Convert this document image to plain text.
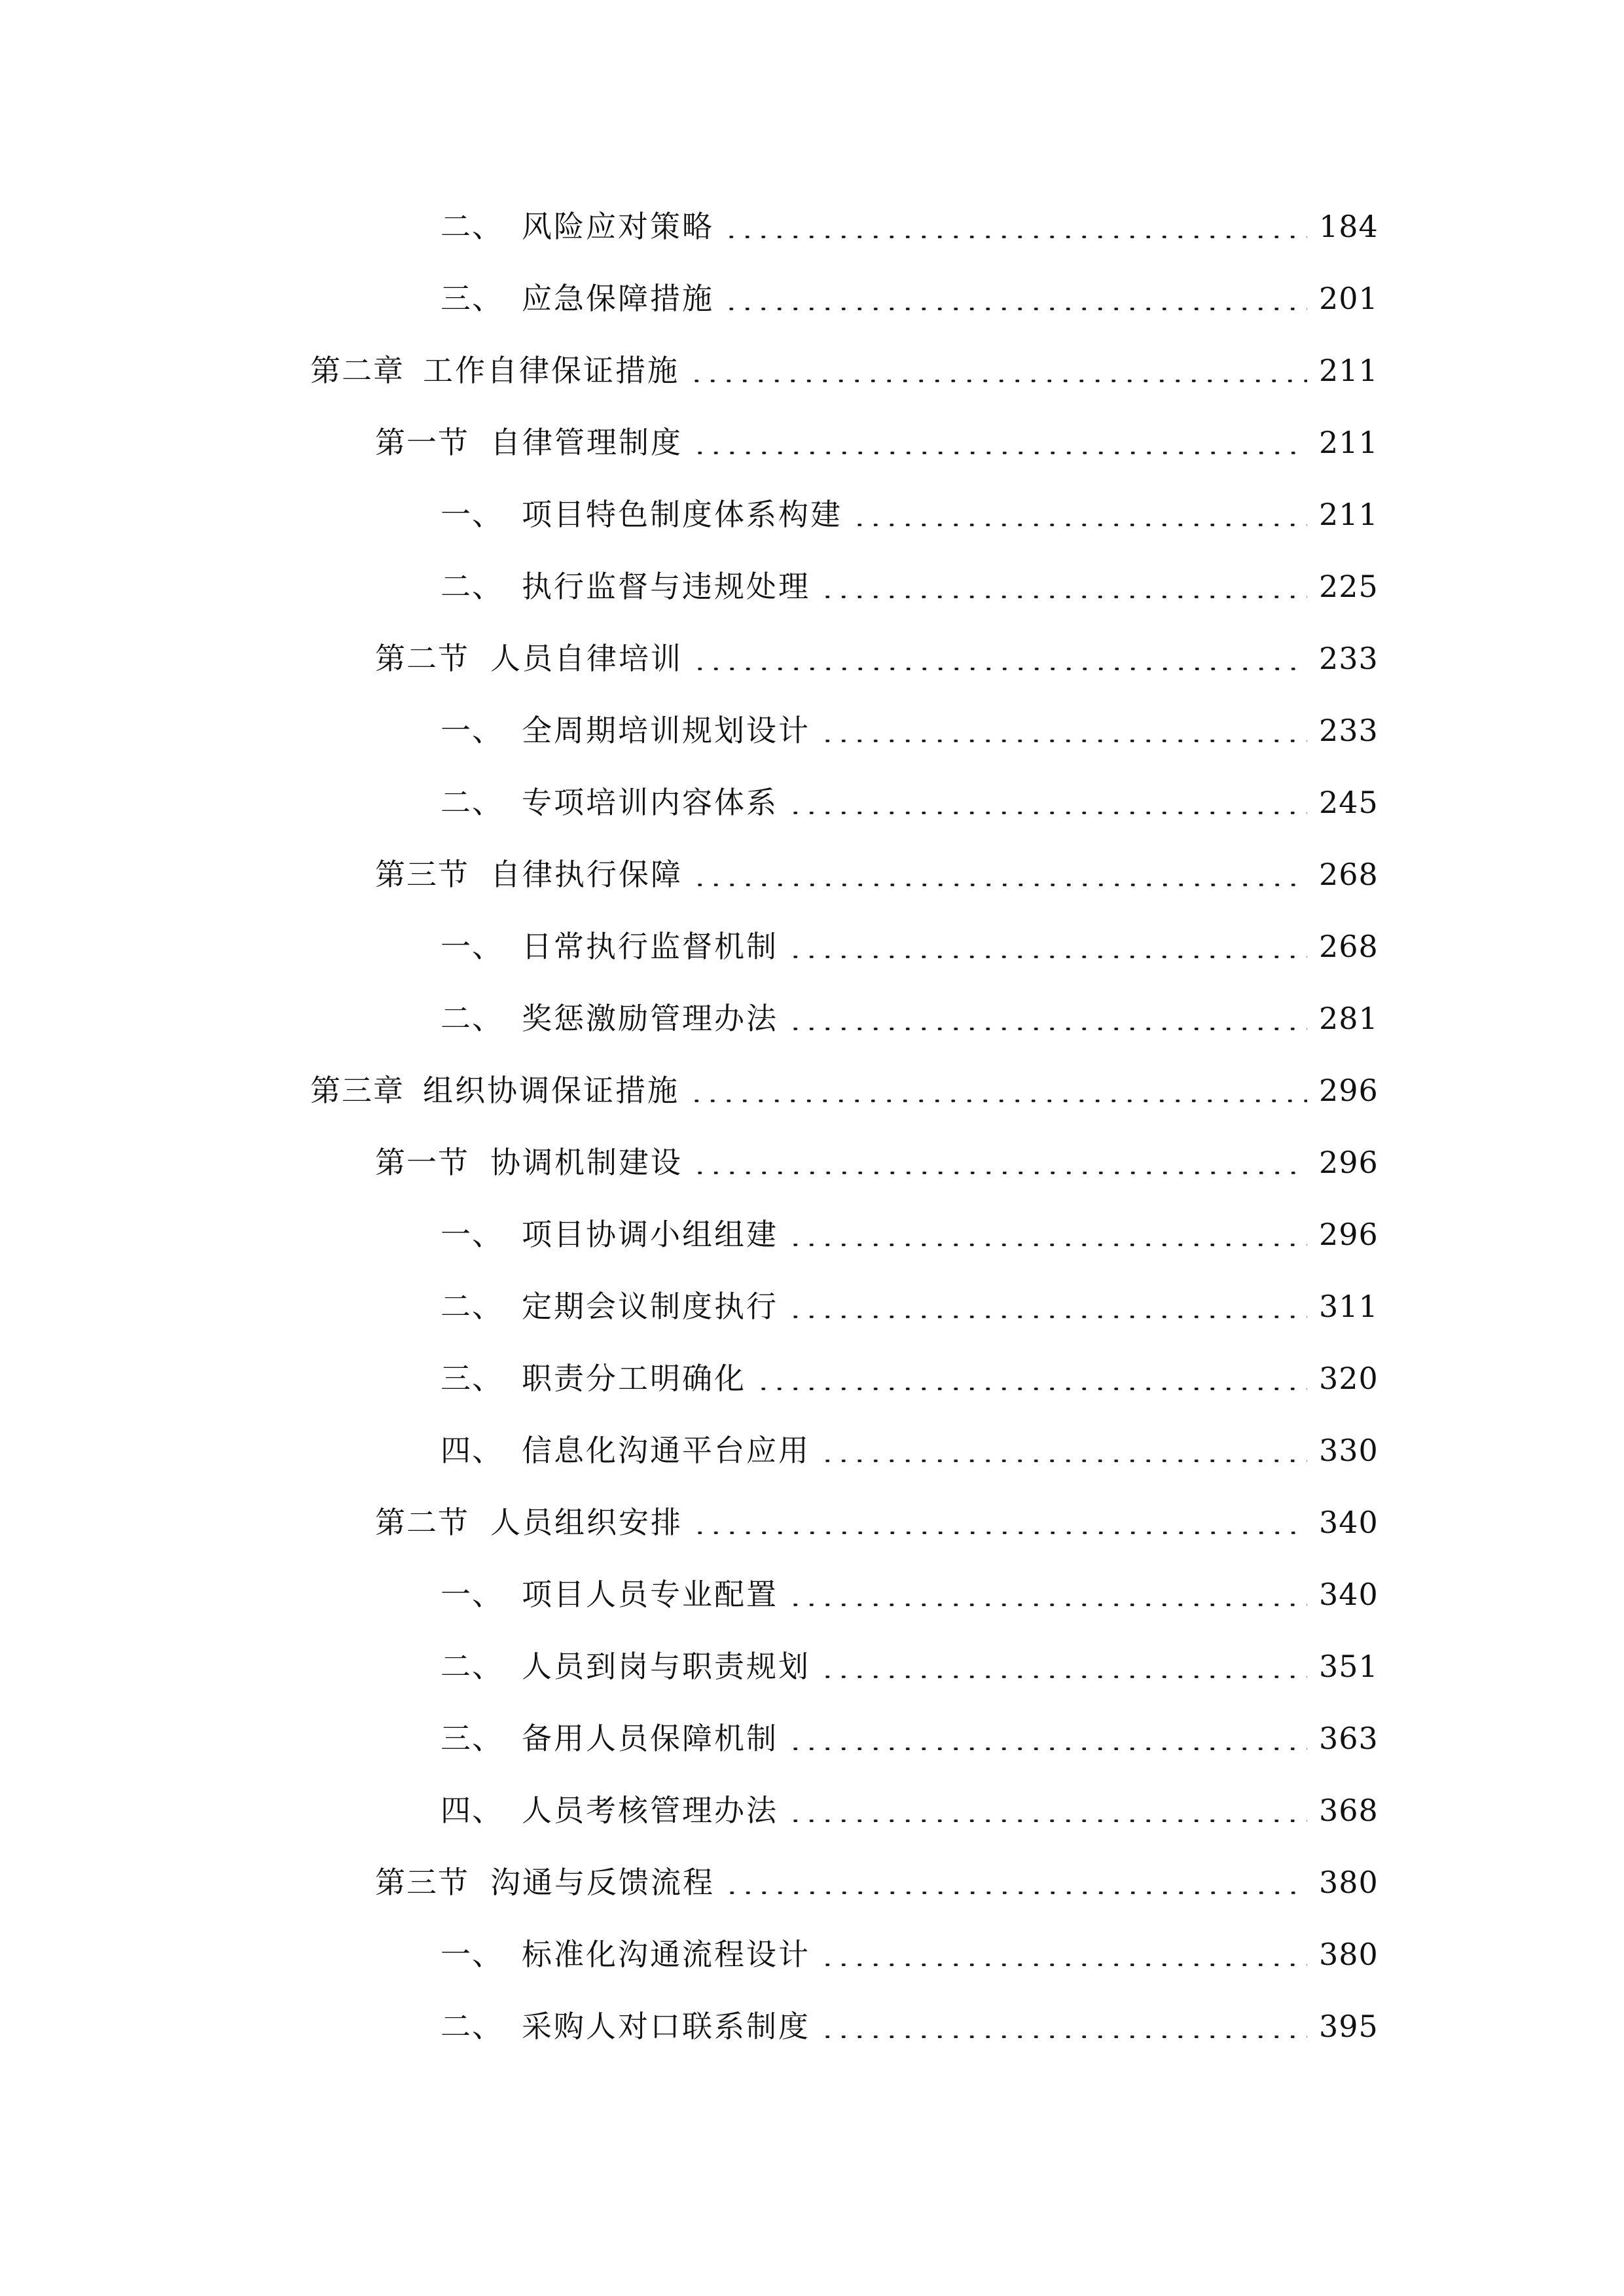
二、 风险应对策略	184
三、 应急保障措施	201
第二章 工作自律保证措施	211
第一节 自律管理制度	211
一、 项目特色制度体系构建	211
二、 执行监督与违规处理	225
第二节 人员自律培训	233
一、 全周期培训规划设计	233
二、 专项培训内容体系	245
第三节 自律执行保障	268
一、 日常执行监督机制	268
二、 奖惩激励管理办法	281
第三章 组织协调保证措施	296
第一节 协调机制建设	296
一、 项目协调小组组建	296
二、 定期会议制度执行	311
三、 职责分工明确化	320
四、 信息化沟通平台应用	330
第二节 人员组织安排	340
一、 项目人员专业配置	340
二、 人员到岗与职责规划	351
三、 备用人员保障机制	363
四、 人员考核管理办法	368
第三节 沟通与反馈流程	380
一、 标准化沟通流程设计	380
二、 采购人对口联系制度	395
